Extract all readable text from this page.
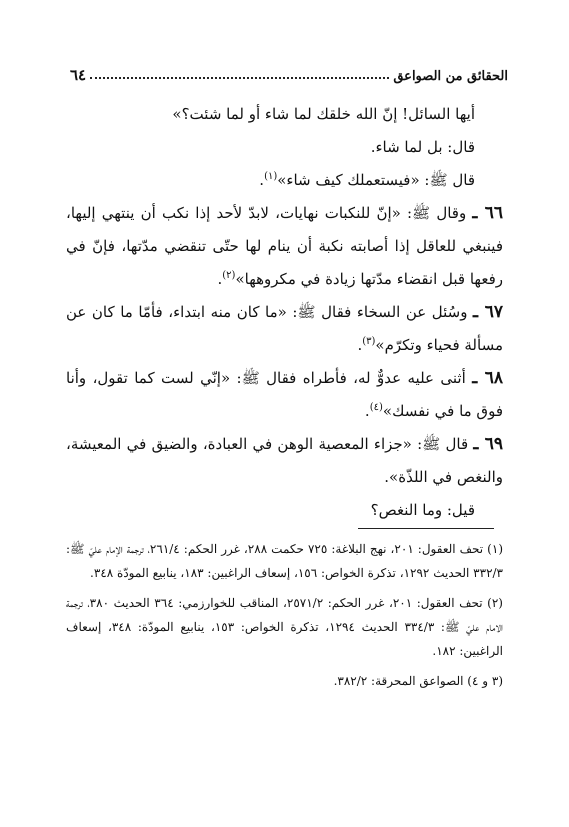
الحقائق من الصواعق
٦٤

أيها السائل! إنّ الله خلقك لما شاء أو لما شئت؟»

قال: بل لما شاء.

قال ﷺ: «فيستعملك كيف شاء»$^{(١)}$.

٦٦ ـ وقال ﷺ: «إنّ للنكبات نهايات، لابدّ لأحد إذا نكب أن ينتهي إليها، فينبغي للعاقل إذا أصابته نكبة أن ينام لها حتّى تنقضي مدّتها، فإنّ في رفعها قبل انقضاء مدّتها زيادة في مكروهها»$^{(٢)}$.

٦٧ ـ وسُئل عن السخاء فقال ﷺ: «ما كان منه ابتداء، فأمّا ما كان عن مسألة فحياء وتكرّم»$^{(٣)}$.

٦٨ ـ أثنى عليه عدوٌّ له، فأطراه فقال ﷺ: «إنّي لست كما تقول، وأنا فوق ما في نفسك»$^{(٤)}$.

٦٩ ـ قال ﷺ: «جزاء المعصية الوهن في العبادة، والضيق في المعيشة، والنغص في اللذّة».

قيل: وما النغص؟

(١) تحف العقول: ٢٠١، نهج البلاغة: ٧٢٥ حكمت ٢٨٨، غرر الحكم: ٢٦١/٤، ترجمة الإمام عليّ ﷺ: ٣٣٢/٣ الحديث ١٢٩٢، تذكرة الخواص: ١٥٦، إسعاف الراغبين: ١٨٣، ينابيع المودّة ٣٤٨.

(٢) تحف العقول: ٢٠١، غرر الحكم: ٢٥٧١/٢، المناقب للخوارزمي: ٣٦٤ الحديث ٣٨٠، ترجمة الامام عليّ ﷺ: ٣٣٤/٣ الحديث ١٢٩٤، تذكرة الخواص: ١٥٣، ينابيع المودّة: ٣٤٨، إسعاف الراغبين: ١٨٢.

(٣ و ٤) الصواعق المحرقة: ٣٨٢/٢.
